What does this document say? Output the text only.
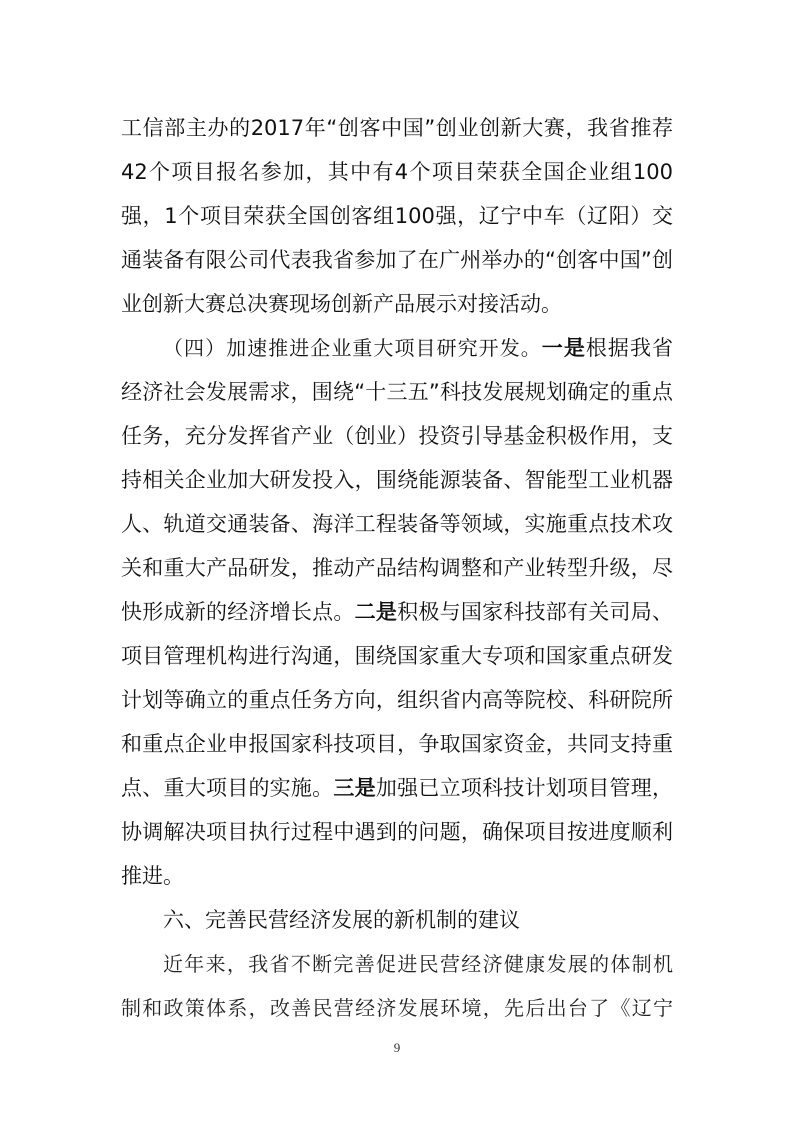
工信部主办的2017年“创客中国”创业创新大赛，我省推荐
42个项目报名参加，其中有4个项目荣获全国企业组100
强，1个项目荣获全国创客组100强，辽宁中车（辽阳）交
通装备有限公司代表我省参加了在广州举办的“创客中国”创
业创新大赛总决赛现场创新产品展示对接活动。
（四）加速推进企业重大项目研究开发。一是根据我省
经济社会发展需求，围绕“十三五”科技发展规划确定的重点
任务，充分发挥省产业（创业）投资引导基金积极作用，支
持相关企业加大研发投入，围绕能源装备、智能型工业机器
人、轨道交通装备、海洋工程装备等领域，实施重点技术攻
关和重大产品研发，推动产品结构调整和产业转型升级，尽
快形成新的经济增长点。二是积极与国家科技部有关司局、
项目管理机构进行沟通，围绕国家重大专项和国家重点研发
计划等确立的重点任务方向，组织省内高等院校、科研院所
和重点企业申报国家科技项目，争取国家资金，共同支持重
点、重大项目的实施。三是加强已立项科技计划项目管理，
协调解决项目执行过程中遇到的问题，确保项目按进度顺利
推进。
六、完善民营经济发展的新机制的建议
近年来，我省不断完善促进民营经济健康发展的体制机
制和政策体系，改善民营经济发展环境，先后出台了《辽宁
9
